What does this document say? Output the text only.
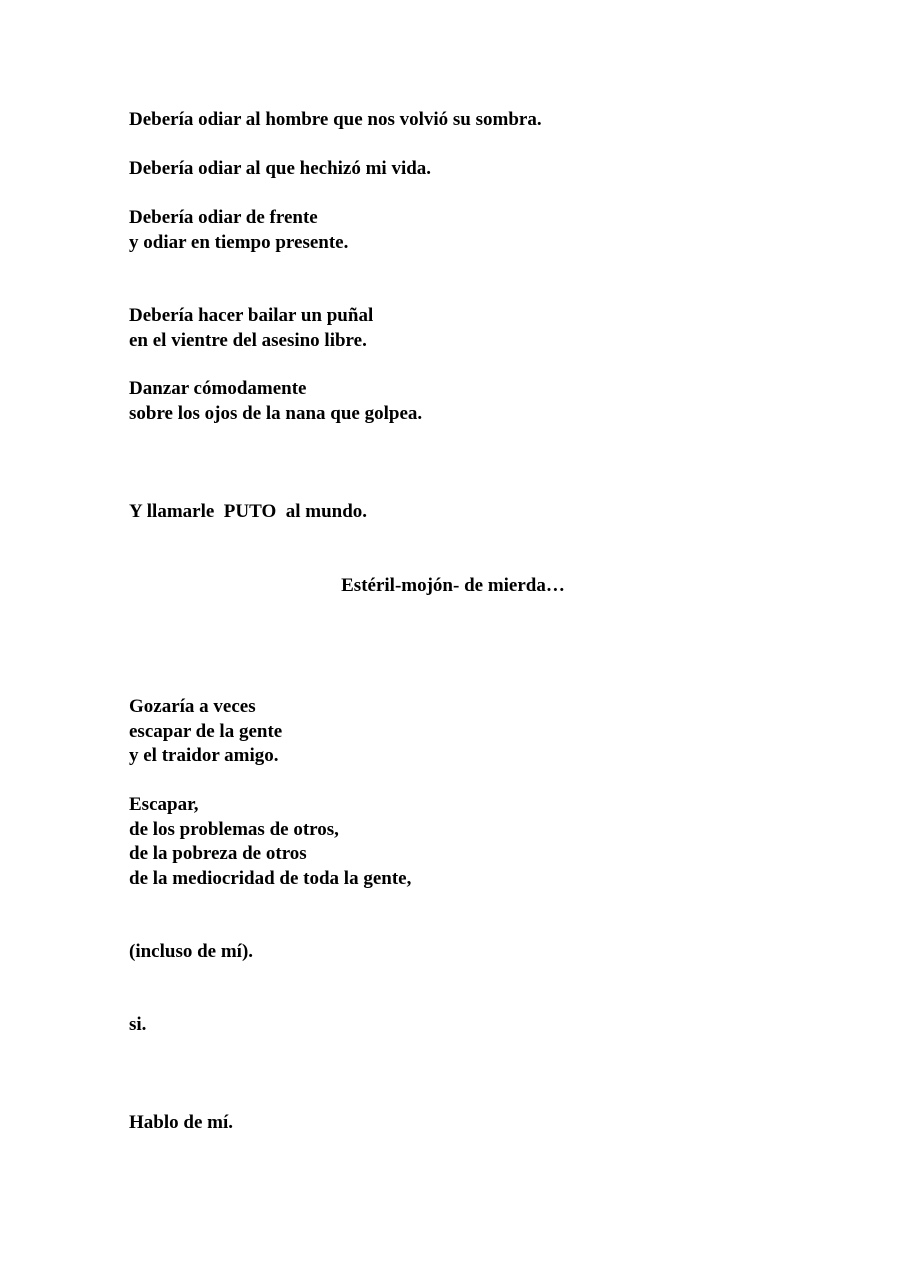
Debería odiar al hombre que nos volvió su sombra.

Debería odiar al que hechizó mi vida.

Debería odiar de frente
y odiar en tiempo presente.

Debería hacer bailar un puñal
en el vientre del asesino libre.

Danzar cómodamente
sobre los ojos de la nana que golpea.

Y llamarle  PUTO  al mundo.

Estéril-mojón- de mierda…

Gozaría a veces
escapar de la gente
y el traidor amigo.

Escapar,
de los problemas de otros,
de la pobreza de otros
de la mediocridad de toda la gente,

(incluso de mí).

si.

Hablo de mí.
